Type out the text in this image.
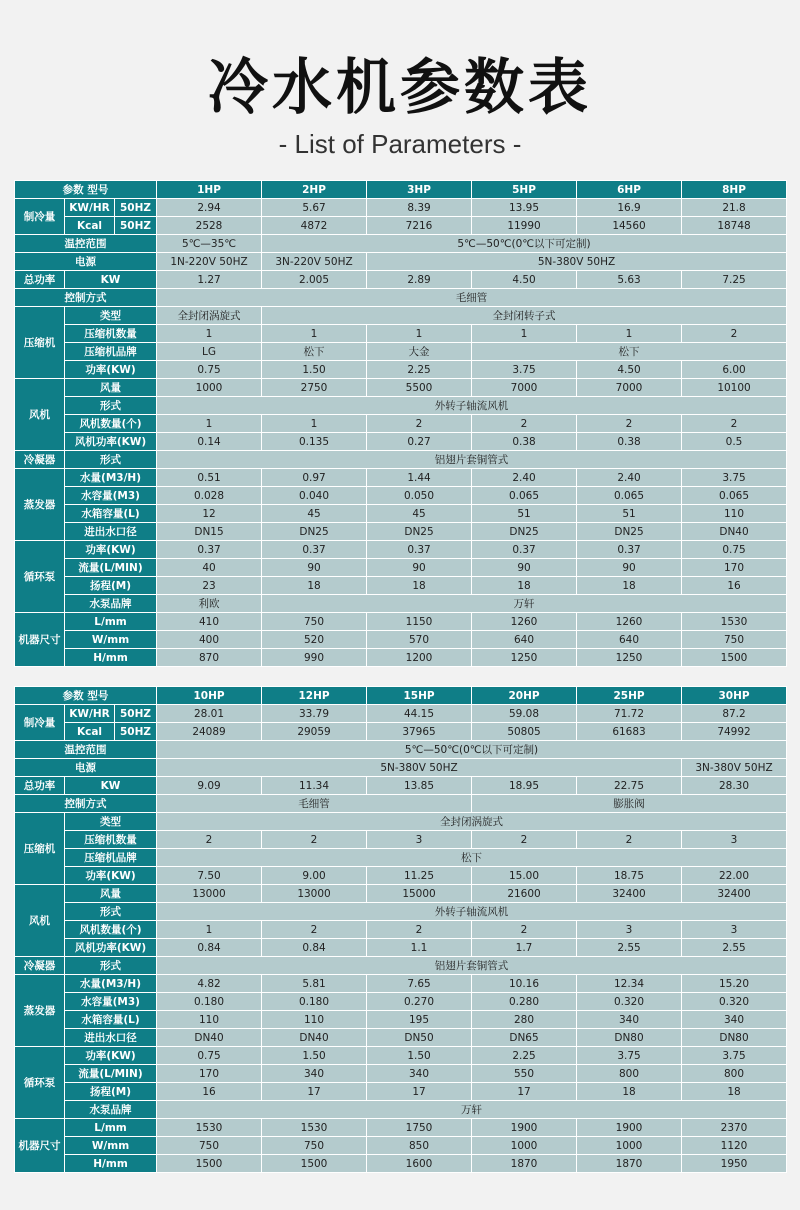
冷水机参数表
- List of Parameters -
参数 型号			1HP	2HP	3HP	5HP	6HP	8HP
制冷量	KW/HR	50HZ	2.94	5.67	8.39	13.95	16.9	21.8
	Kcal	50HZ	2528	4872	7216	11990	14560	18748
温控范围			5℃—35℃	5℃—50℃(0℃以下可定制)				
电源			1N-220V 50HZ	3N-220V 50HZ	5N-380V 50HZ			
总功率	KW		1.27	2.005	2.89	4.50	5.63	7.25
控制方式			毛细管					
压缩机	类型		全封闭涡旋式	全封闭转子式				
	压缩机数量		1	1	1	1	1	2
	压缩机品牌		LG	松下	大金	松下		
	功率(KW)		0.75	1.50	2.25	3.75	4.50	6.00
风机	风量		1000	2750	5500	7000	7000	10100
	形式		外转子轴流风机					
	风机数量(个)		1	1	2	2	2	2
	风机功率(KW)		0.14	0.135	0.27	0.38	0.38	0.5
冷凝器	形式		铝翅片套铜管式					
蒸发器	水量(M3/H)		0.51	0.97	1.44	2.40	2.40	3.75
	水容量(M3)		0.028	0.040	0.050	0.065	0.065	0.065
	水箱容量(L)		12	45	45	51	51	110
	进出水口径		DN15	DN25	DN25	DN25	DN25	DN40
循环泵	功率(KW)		0.37	0.37	0.37	0.37	0.37	0.75
	流量(L/MIN)		40	90	90	90	90	170
	扬程(M)		23	18	18	18	18	16
	水泵品牌		利欧	万轩				
机器尺寸	L/mm		410	750	1150	1260	1260	1530
	W/mm		400	520	570	640	640	750
	H/mm		870	990	1200	1250	1250	1500
参数 型号			10HP	12HP	15HP	20HP	25HP	30HP
制冷量	KW/HR	50HZ	28.01	33.79	44.15	59.08	71.72	87.2
	Kcal	50HZ	24089	29059	37965	50805	61683	74992
温控范围			5℃—50℃(0℃以下可定制)					
电源			5N-380V 50HZ					3N-380V 50HZ
总功率	KW		9.09	11.34	13.85	18.95	22.75	28.30
控制方式			毛细管			膨胀阀		
压缩机	类型		全封闭涡旋式					
	压缩机数量		2	2	3	2	2	3
	压缩机品牌		松下					
	功率(KW)		7.50	9.00	11.25	15.00	18.75	22.00
风机	风量		13000	13000	15000	21600	32400	32400
	形式		外转子轴流风机					
	风机数量(个)		1	2	2	2	3	3
	风机功率(KW)		0.84	0.84	1.1	1.7	2.55	2.55
冷凝器	形式		铝翅片套铜管式					
蒸发器	水量(M3/H)		4.82	5.81	7.65	10.16	12.34	15.20
	水容量(M3)		0.180	0.180	0.270	0.280	0.320	0.320
	水箱容量(L)		110	110	195	280	340	340
	进出水口径		DN40	DN40	DN50	DN65	DN80	DN80
循环泵	功率(KW)		0.75	1.50	1.50	2.25	3.75	3.75
	流量(L/MIN)		170	340	340	550	800	800
	扬程(M)		16	17	17	17	18	18
	水泵品牌		万轩					
机器尺寸	L/mm		1530	1530	1750	1900	1900	2370
	W/mm		750	750	850	1000	1000	1120
	H/mm		1500	1500	1600	1870	1870	1950
